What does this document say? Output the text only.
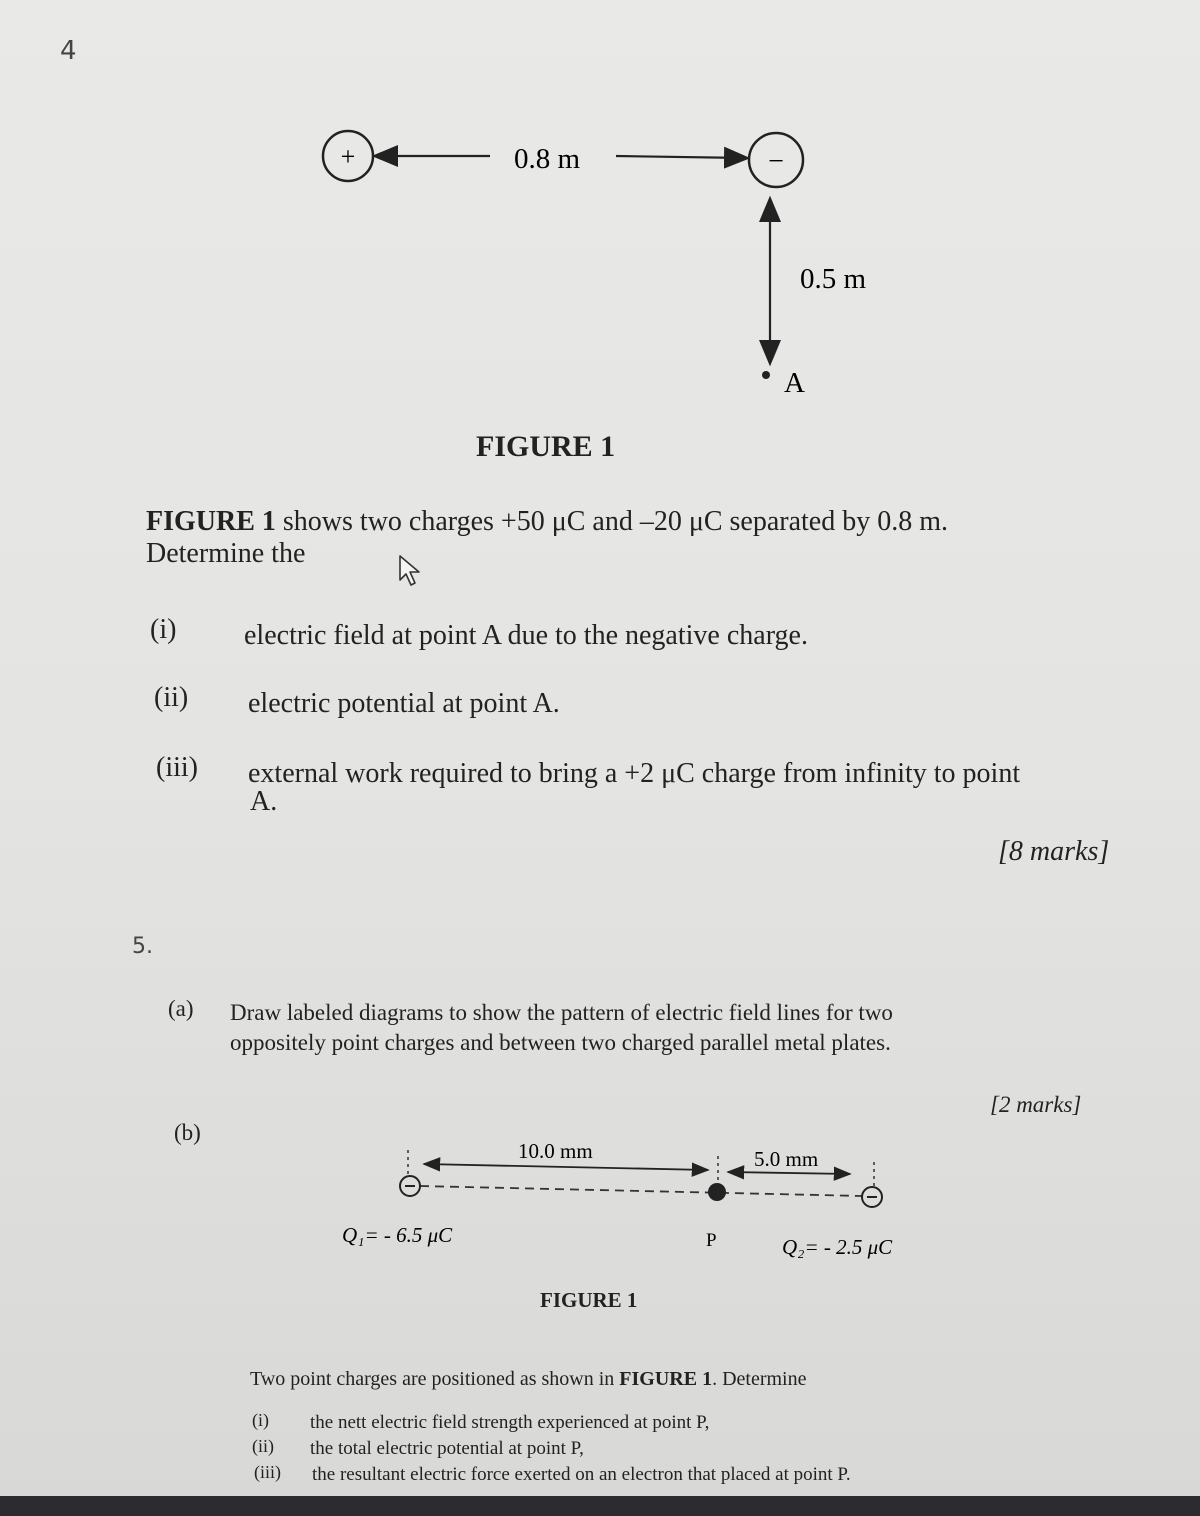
4
+	0.8 m	−
0.5 m
A
FIGURE 1
FIGURE 1 shows two charges +50 μC and –20 μC separated by 0.8 m.
Determine the
(i) electric field at point A due to the negative charge.
(ii) electric potential at point A.
(iii) external work required to bring a +2 μC charge from infinity to point
A.
[8 marks]
5.
(a) Draw labeled diagrams to show the pattern of electric field lines for two
oppositely point charges and between two charged parallel metal plates.
[2 marks]
(b)
10.0 mm	5.0 mm
Q₁= - 6.5 μC	P	Q₂= - 2.5 μC
FIGURE 1
Two point charges are positioned as shown in FIGURE 1. Determine
(i) the nett electric field strength experienced at point P,
(ii) the total electric potential at point P,
(iii) the resultant electric force exerted on an electron that placed at point P.
